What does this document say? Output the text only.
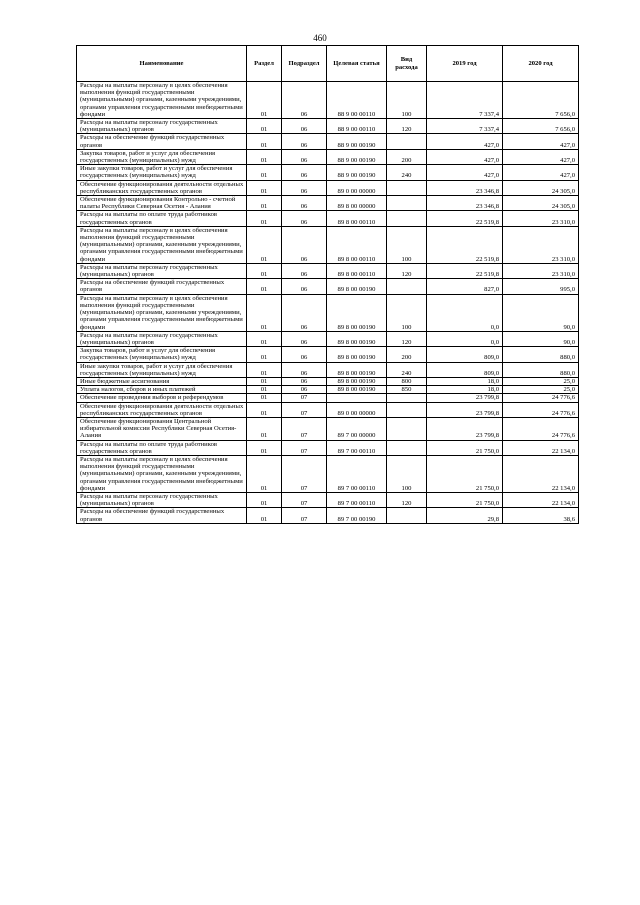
460
Наименование	Раздел	Подраздел	Целевая статья	Вид расхода	2019 год	2020 год
Расходы на выплаты персоналу в целях обеспечения выполнения функций государственными (муниципальными) органами, казенными учреждениями, органами управления государственными внебюджетными фондами	01	06	88 9 00 00110	100	7 337,4	7 656,0
Расходы на выплаты персоналу государственных (муниципальных) органов	01	06	88 9 00 00110	120	7 337,4	7 656,0
Расходы на обеспечение функций государственных органов	01	06	88 9 00 00190		427,0	427,0
Закупка товаров, работ и услуг для обеспечения государственных (муниципальных) нужд	01	06	88 9 00 00190	200	427,0	427,0
Иные закупки товаров, работ и услуг для обеспечения государственных (муниципальных) нужд	01	06	88 9 00 00190	240	427,0	427,0
Обеспечение функционирования деятельности отдельных республиканских государственных органов	01	06	89 0 00 00000		23 346,8	24 305,0
Обеспечение функционирования Контрольно - счетной палаты Республики Северная Осетия - Алания	01	06	89 8 00 00000		23 346,8	24 305,0
Расходы на выплаты по оплате труда работников государственных органов	01	06	89 8 00 00110		22 519,8	23 310,0
Расходы на выплаты персоналу в целях обеспечения выполнения функций государственными (муниципальными) органами, казенными учреждениями, органами управления государственными внебюджетными фондами	01	06	89 8 00 00110	100	22 519,8	23 310,0
Расходы на выплаты персоналу государственных (муниципальных) органов	01	06	89 8 00 00110	120	22 519,8	23 310,0
Расходы на обеспечение функций государственных органов	01	06	89 8 00 00190		827,0	995,0
Расходы на выплаты персоналу в целях обеспечения выполнения функций государственными (муниципальными) органами, казенными учреждениями, органами управления государственными внебюджетными фондами	01	06	89 8 00 00190	100	0,0	90,0
Расходы на выплаты персоналу государственных (муниципальных) органов	01	06	89 8 00 00190	120	0,0	90,0
Закупка товаров, работ и услуг для обеспечения государственных (муниципальных) нужд	01	06	89 8 00 00190	200	809,0	880,0
Иные закупки товаров, работ и услуг для обеспечения государственных (муниципальных) нужд	01	06	89 8 00 00190	240	809,0	880,0
Иные бюджетные ассигнования	01	06	89 8 00 00190	800	18,0	25,0
Уплата налогов, сборов и иных платежей	01	06	89 8 00 00190	850	18,0	25,0
Обеспечение проведения выборов и референдумов	01	07			23 799,8	24 776,6
Обеспечение функционирования деятельности отдельных республиканских государственных органов	01	07	89 0 00 00000		23 799,8	24 776,6
Обеспечение функционирования Центральной избирательной комиссии Республики Северная Осетия-Алания	01	07	89 7 00 00000		23 799,8	24 776,6
Расходы на выплаты по оплате труда работников государственных органов	01	07	89 7 00 00110		21 750,0	22 134,0
Расходы на выплаты персоналу в целях обеспечения выполнения функций государственными (муниципальными) органами, казенными учреждениями, органами управления государственными внебюджетными фондами	01	07	89 7 00 00110	100	21 750,0	22 134,0
Расходы на выплаты персоналу государственных (муниципальных) органов	01	07	89 7 00 00110	120	21 750,0	22 134,0
Расходы на обеспечение функций государственных органов	01	07	89 7 00 00190		29,8	38,6
